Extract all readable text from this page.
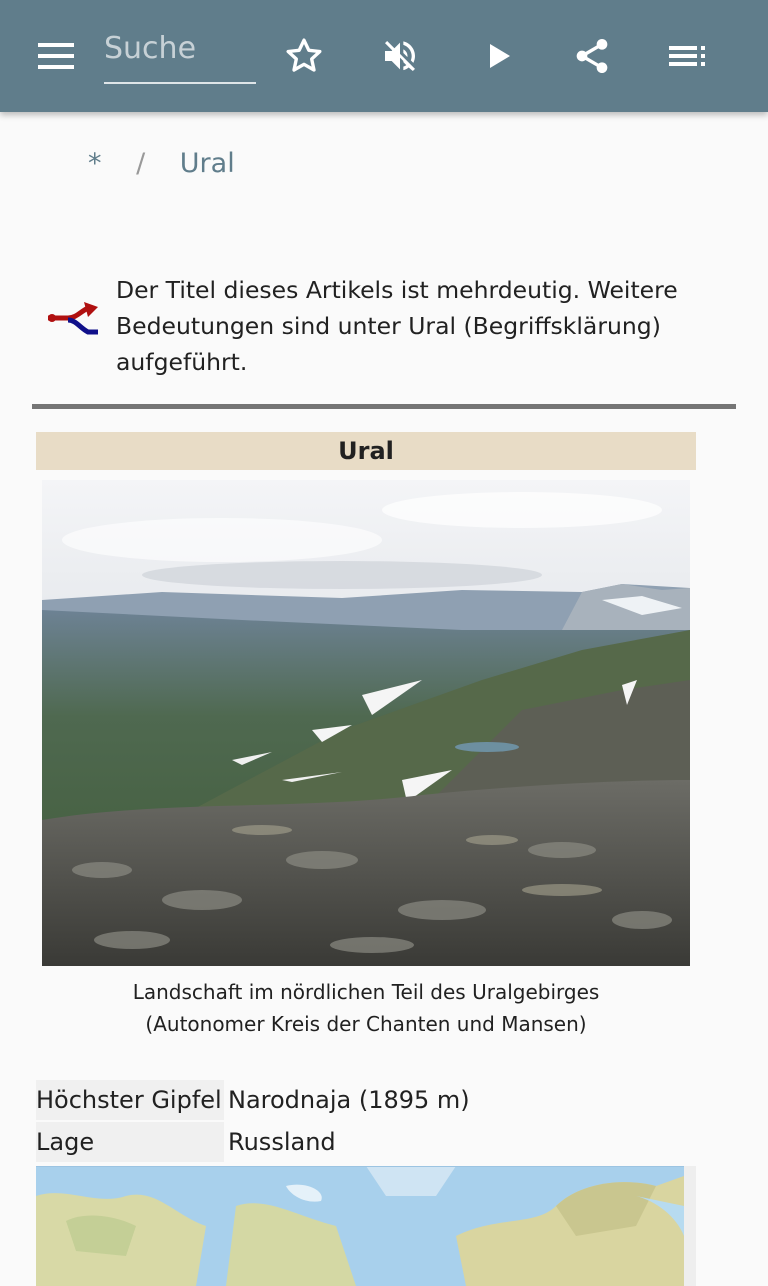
Suche
* / Ural
Der Titel dieses Artikels ist mehrdeutig. Weitere Bedeutungen sind unter Ural (Begriffsklärung) aufgeführt.
Ural
Landschaft im nördlichen Teil des Uralgebirges
(Autonomer Kreis der Chanten und Mansen)
Höchster Gipfel Narodnaja (1895 m)
Lage	Russland
